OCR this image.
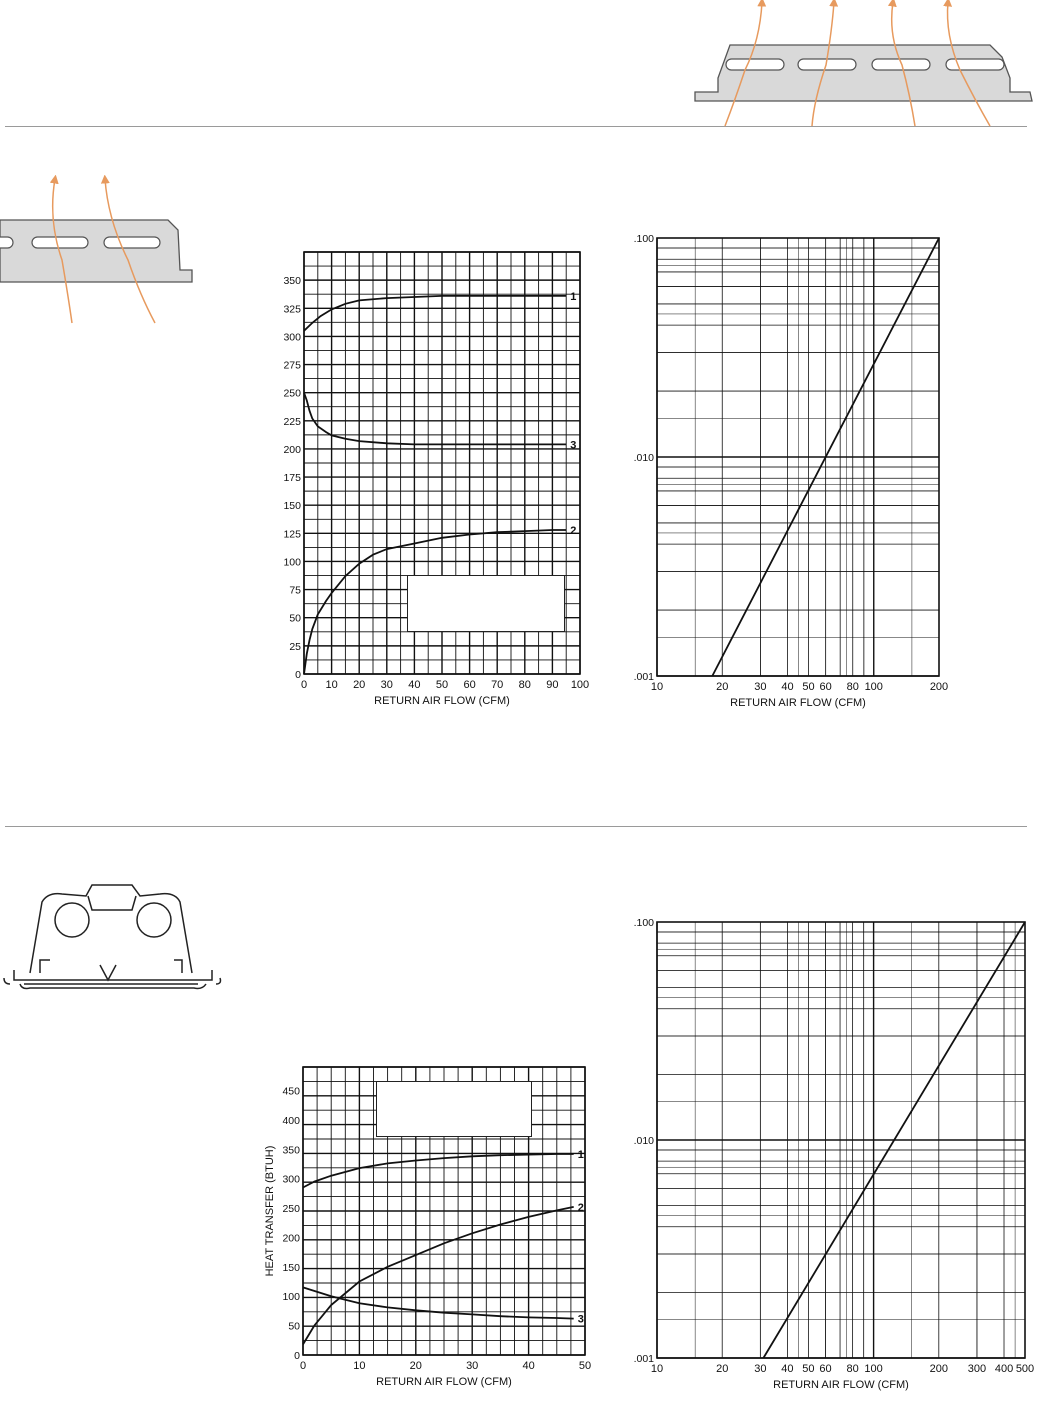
0 10 20 30 40 50 60 70 80 90 100
0
25
50
75
100
125
150
175
200
225
250
275
300
325
350
RETURN AIR FLOW (CFM)
1
2
3
10	20 30 40 50 60 80 100	200
.001
.010
.100
RETURN AIR FLOW (CFM)
0	10	20	30	40	50
0
50
100
150
200
250
300
350
400
450
RETURN AIR FLOW (CFM)
HEAT TRANSFER (BTUH)	1
2
3
10	20 30 40 50 60 80 100	200 300 400 500
.001
.010
.100
RETURN AIR FLOW (CFM)
